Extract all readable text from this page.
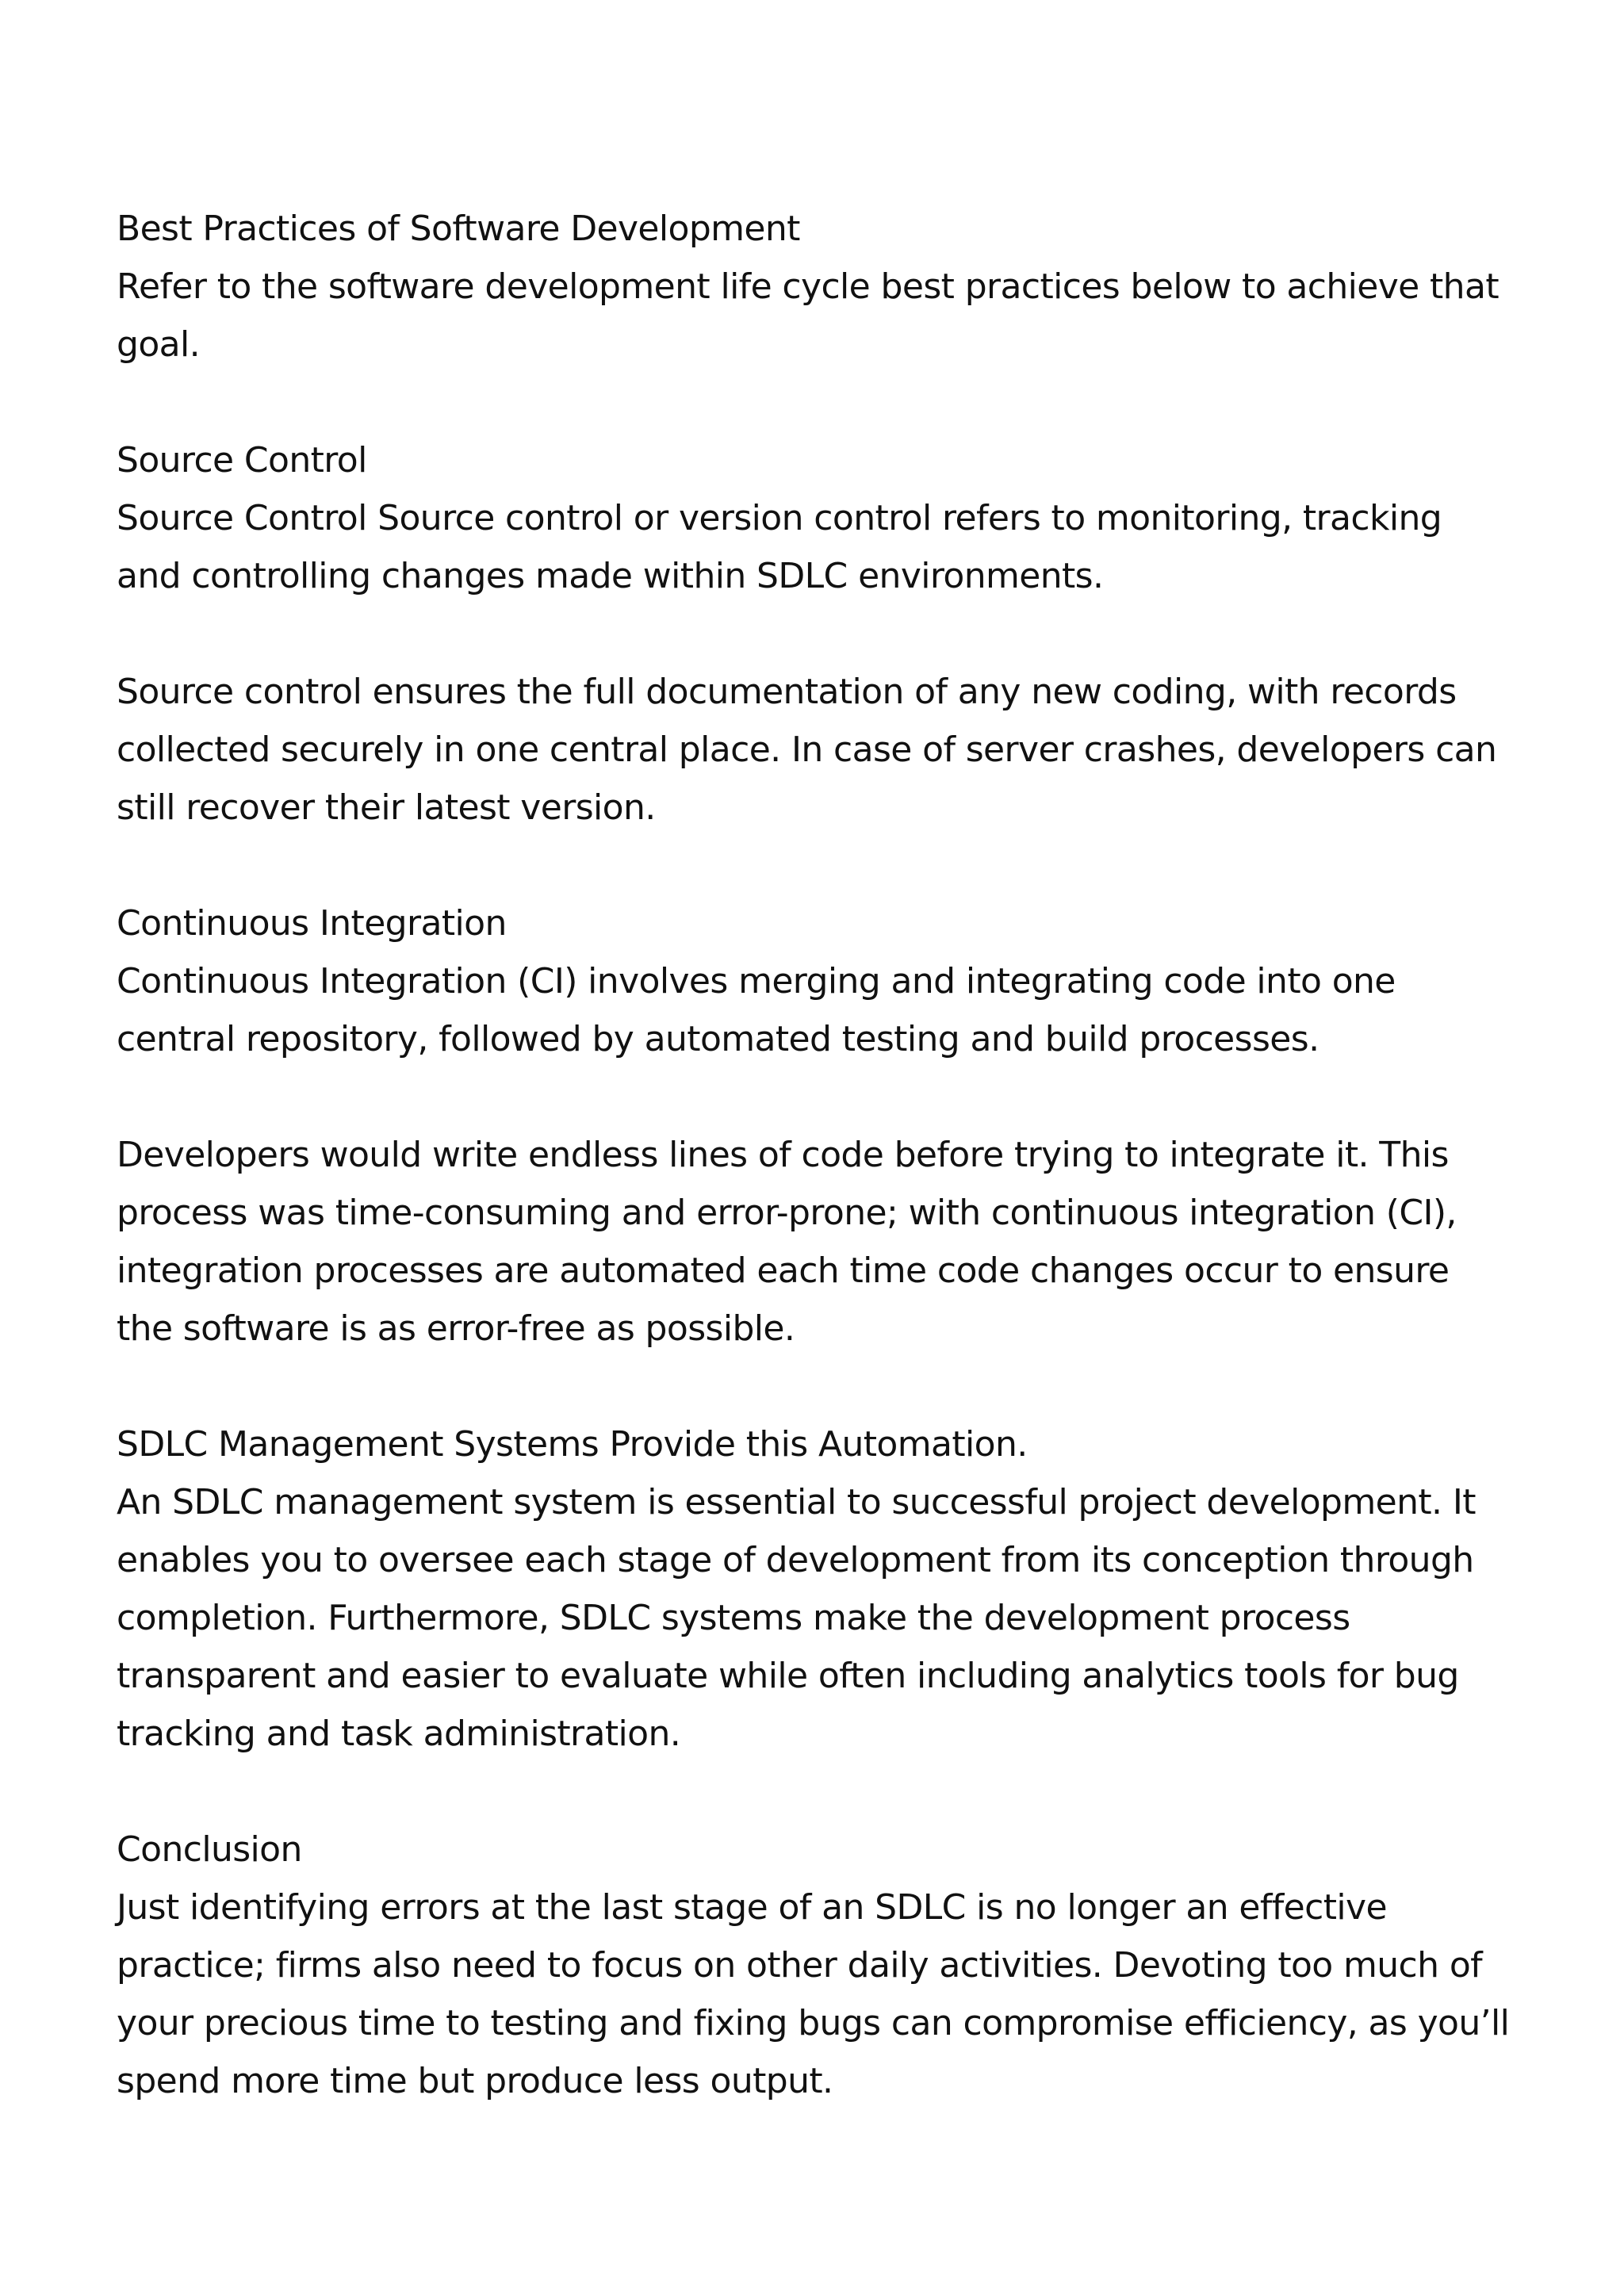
Best Practices of Software Development

Refer to the software development life cycle best practices below to achieve that goal.

Source Control

Source Control Source control or version control refers to monitoring, tracking and controlling changes made within SDLC environments.

Source control ensures the full documentation of any new coding, with records collected securely in one central place. In case of server crashes, developers can still recover their latest version.

Continuous Integration

Continuous Integration (CI) involves merging and integrating code into one central repository, followed by automated testing and build processes.

Developers would write endless lines of code before trying to integrate it. This process was time-consuming and error-prone; with continuous integration (CI), integration processes are automated each time code changes occur to ensure the software is as error-free as possible.

SDLC Management Systems Provide this Automation.

An SDLC management system is essential to successful project development. It enables you to oversee each stage of development from its conception through completion. Furthermore, SDLC systems make the development process transparent and easier to evaluate while often including analytics tools for bug tracking and task administration.

Conclusion

Just identifying errors at the last stage of an SDLC is no longer an effective practice; firms also need to focus on other daily activities. Devoting too much of your precious time to testing and fixing bugs can compromise efficiency, as you’ll spend more time but produce less output.
